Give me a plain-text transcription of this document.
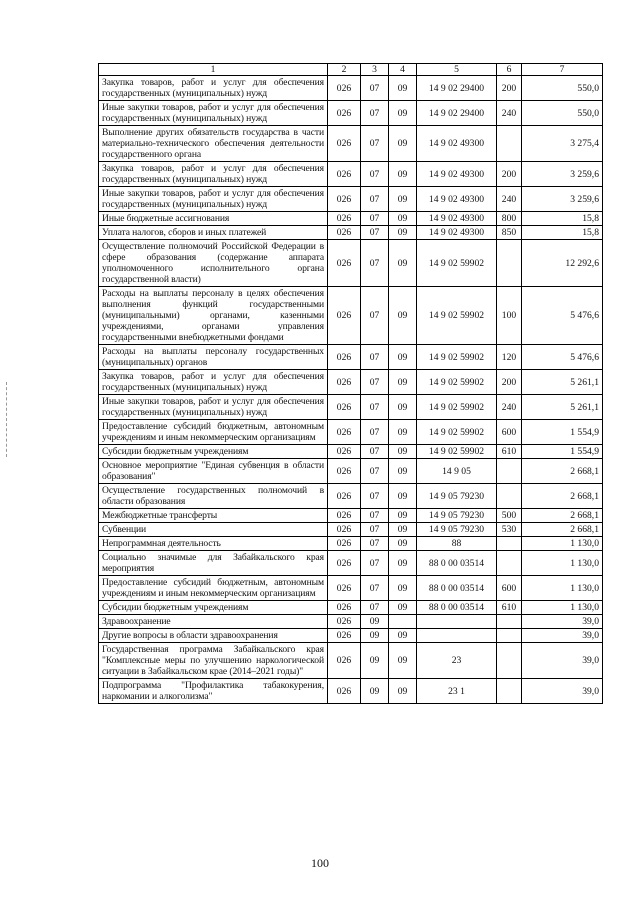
1	2	3	4	5	6	7
Закупка товаров, работ и услуг для обеспечения государственных (муниципальных) нужд	026	07	09	14 9 02 29400	200	550,0
Иные закупки товаров, работ и услуг для обеспечения государственных (муниципальных) нужд	026	07	09	14 9 02 29400	240	550,0
Выполнение других обязательств государства в части материально-технического обеспечения деятельности государственного органа	026	07	09	14 9 02 49300		3 275,4
Закупка товаров, работ и услуг для обеспечения государственных (муниципальных) нужд	026	07	09	14 9 02 49300	200	3 259,6
Иные закупки товаров, работ и услуг для обеспечения государственных (муниципальных) нужд	026	07	09	14 9 02 49300	240	3 259,6
Иные бюджетные ассигнования	026	07	09	14 9 02 49300	800	15,8
Уплата налогов, сборов и иных платежей	026	07	09	14 9 02 49300	850	15,8
Осуществление полномочий Российской Федерации в сфере образования (содержание аппарата уполномоченного исполнительного органа государственной власти)	026	07	09	14 9 02 59902		12 292,6
Расходы на выплаты персоналу в целях обеспечения выполнения функций государственными (муниципальными) органами, казенными учреждениями, органами управления государственными внебюджетными фондами	026	07	09	14 9 02 59902	100	5 476,6
Расходы на выплаты персоналу государственных (муниципальных) органов	026	07	09	14 9 02 59902	120	5 476,6
Закупка товаров, работ и услуг для обеспечения государственных (муниципальных) нужд	026	07	09	14 9 02 59902	200	5 261,1
Иные закупки товаров, работ и услуг для обеспечения государственных (муниципальных) нужд	026	07	09	14 9 02 59902	240	5 261,1
Предоставление субсидий бюджетным, автономным учреждениям и иным некоммерческим организациям	026	07	09	14 9 02 59902	600	1 554,9
Субсидии бюджетным учреждениям	026	07	09	14 9 02 59902	610	1 554,9
Основное мероприятие "Единая субвенция в области образования"	026	07	09	14 9 05		2 668,1
Осуществление государственных полномочий в области образования	026	07	09	14 9 05 79230		2 668,1
Межбюджетные трансферты	026	07	09	14 9 05 79230	500	2 668,1
Субвенции	026	07	09	14 9 05 79230	530	2 668,1
Непрограммная деятельность	026	07	09	88		1 130,0
Социально значимые для Забайкальского края мероприятия	026	07	09	88 0 00 03514		1 130,0
Предоставление субсидий бюджетным, автономным учреждениям и иным некоммерческим организациям	026	07	09	88 0 00 03514	600	1 130,0
Субсидии бюджетным учреждениям	026	07	09	88 0 00 03514	610	1 130,0
Здравоохранение	026	09				39,0
Другие вопросы в области здравоохранения	026	09	09			39,0
Государственная программа Забайкальского края "Комплексные меры по улучшению наркологической ситуации в Забайкальском крае (2014–2021 годы)"	026	09	09	23		39,0
Подпрограмма "Профилактика табакокурения, наркомании и алкоголизма"	026	09	09	23 1		39,0
100
